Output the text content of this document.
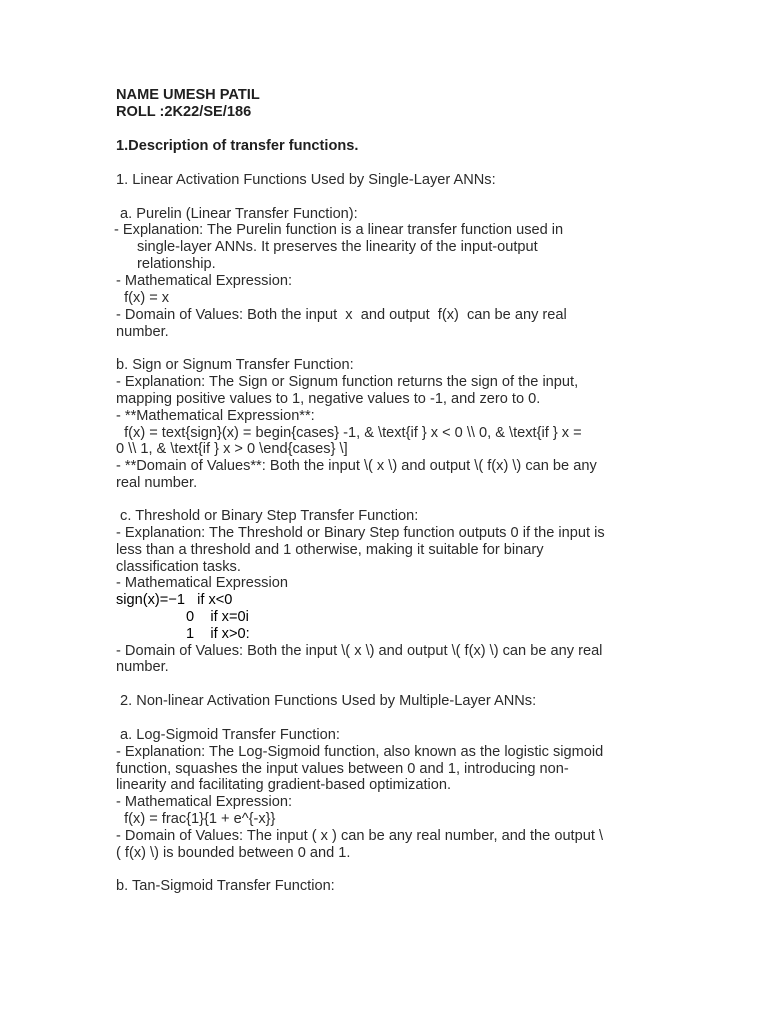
NAME UMESH PATIL

ROLL :2K22/SE/186

1.Description of transfer functions.

1. Linear Activation Functions Used by Single-Layer ANNs:

a. Purelin (Linear Transfer Function):

- Explanation: The Purelin function is a linear transfer function used in

single-layer ANNs. It preserves the linearity of the input-output

relationship.

- Mathematical Expression:

f(x) = x

- Domain of Values: Both the input  x  and output  f(x)  can be any real

number.

b. Sign or Signum Transfer Function:

- Explanation: The Sign or Signum function returns the sign of the input,

mapping positive values to 1, negative values to -1, and zero to 0.

- **Mathematical Expression**:

f(x) = text{sign}(x) = begin{cases} -1, & \text{if } x < 0 \\ 0, & \text{if } x =

0 \\ 1, & \text{if } x > 0 \end{cases} \]

- **Domain of Values**: Both the input \( x \) and output \( f(x) \) can be any

real number.

c. Threshold or Binary Step Transfer Function:

- Explanation: The Threshold or Binary Step function outputs 0 if the input is

less than a threshold and 1 otherwise, making it suitable for binary

classification tasks.

- Mathematical Expression

sign(x)=−1   if x<0

0    if x=0i

1    if x>0:

- Domain of Values: Both the input \( x \) and output \( f(x) \) can be any real

number.

2. Non-linear Activation Functions Used by Multiple-Layer ANNs:

a. Log-Sigmoid Transfer Function:

- Explanation: The Log-Sigmoid function, also known as the logistic sigmoid

function, squashes the input values between 0 and 1, introducing non-

linearity and facilitating gradient-based optimization.

- Mathematical Expression:

f(x) = frac{1}{1 + e^{-x}}

- Domain of Values: The input ( x ) can be any real number, and the output \

( f(x) \) is bounded between 0 and 1.

b. Tan-Sigmoid Transfer Function:
